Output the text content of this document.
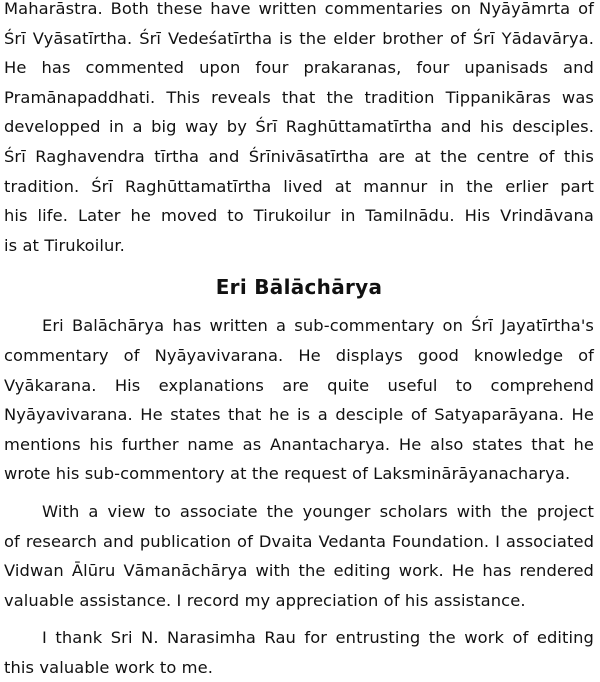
Maharāstra. Both these have written commentaries on Nyāyāmrta of
Śrī Vyāsatīrtha. Śrī Vedeśatīrtha is the elder brother of Śrī Yādavārya.
He has commented upon four prakaranas, four upanisads and
Pramānapaddhati. This reveals that the tradition Tippanikāras was
developped in a big way by Śrī Raghūttamatīrtha and his desciples.
Śrī Raghavendra tīrtha and Śrīnivāsatīrtha are at the centre of this
tradition. Śrī Raghūttamatīrtha lived at mannur in the erlier part
his life. Later he moved to Tirukoilur in Tamilnādu. His Vrindāvana
is at Tirukoilur.

Eri Bālāchārya

Eri Balāchārya has written a sub-commentary on Śrī Jayatīrtha's
commentary of Nyāyavivarana. He displays good knowledge of
Vyākarana. His explanations are quite useful to comprehend
Nyāyavivarana. He states that he is a desciple of Satyaparāyana. He
mentions his further name as Anantacharya. He also states that he
wrote his sub-commentory at the request of Laksminārāyanacharya.

With a view to associate the younger scholars with the project
of research and publication of Dvaita Vedanta Foundation. I associated
Vidwan Ālūru Vāmanāchārya with the editing work. He has rendered
valuable assistance. I record my appreciation of his assistance.

I thank Sri N. Narasimha Rau for entrusting the work of editing
this valuable work to me.
